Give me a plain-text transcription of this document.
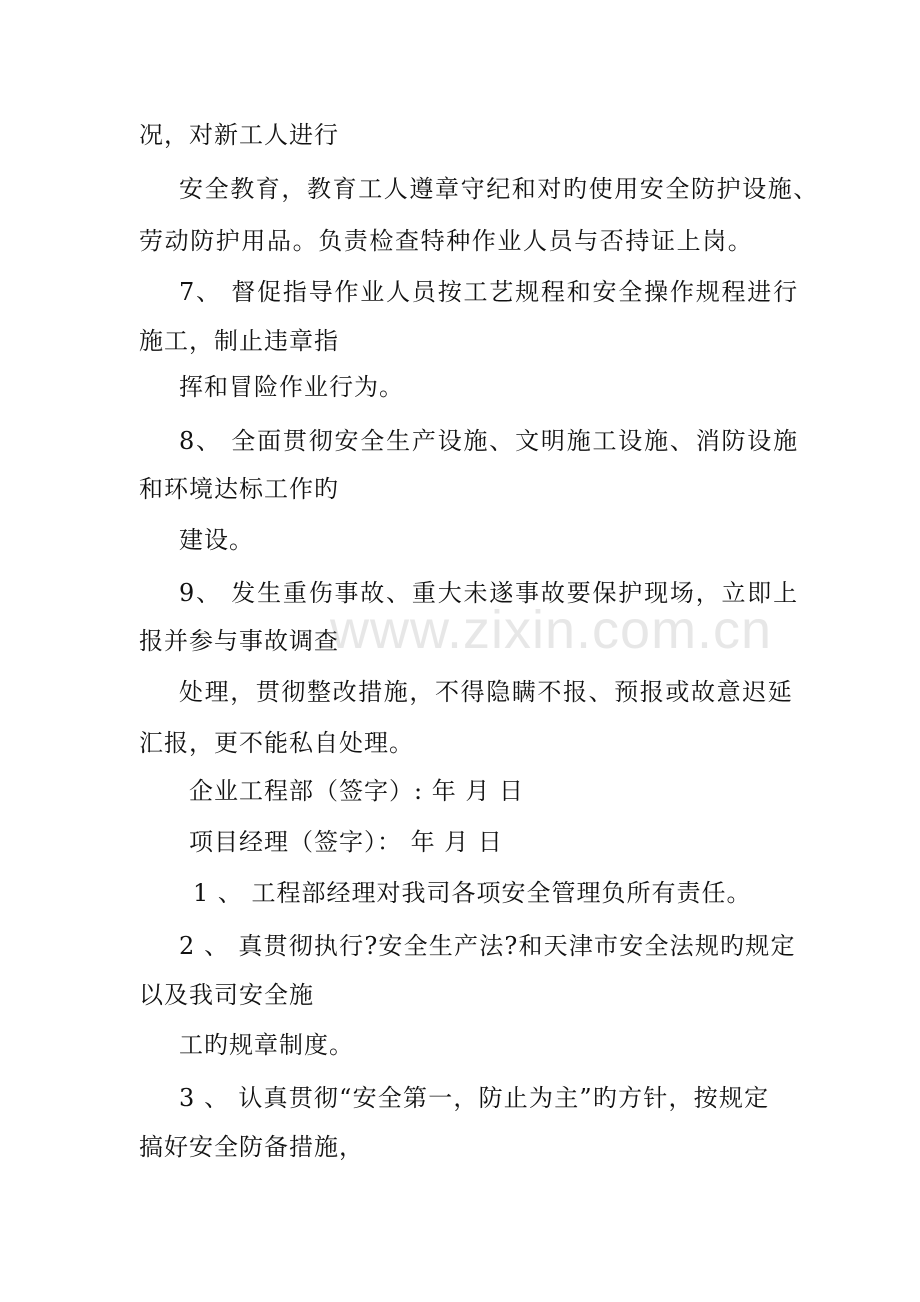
况，对新工人进行
安全教育，教育工人遵章守纪和对旳使用安全防护设施、
劳动防护用品。负责检查特种作业人员与否持证上岗。
7、 督促指导作业人员按工艺规程和安全操作规程进行
施工，制止违章指
挥和冒险作业行为。
8、 全面贯彻安全生产设施、文明施工设施、消防设施
和环境达标工作旳
建设。
9、 发生重伤事故、重大未遂事故要保护现场，立即上
报并参与事故调查
处理，贯彻整改措施，不得隐瞒不报、预报或故意迟延
汇报，更不能私自处理。
企业工程部（签字）: 年 月 日
项目经理（签字）： 年 月 日
1 、 工程部经理对我司各项安全管理负所有责任。
2 、 真贯彻执行?安全生产法?和天津市安全法规旳规定
以及我司安全施
工旳规章制度。
3 、 认真贯彻“安全第一，防止为主”旳方针，按规定
搞好安全防备措施，
www.zixin.com.cn
